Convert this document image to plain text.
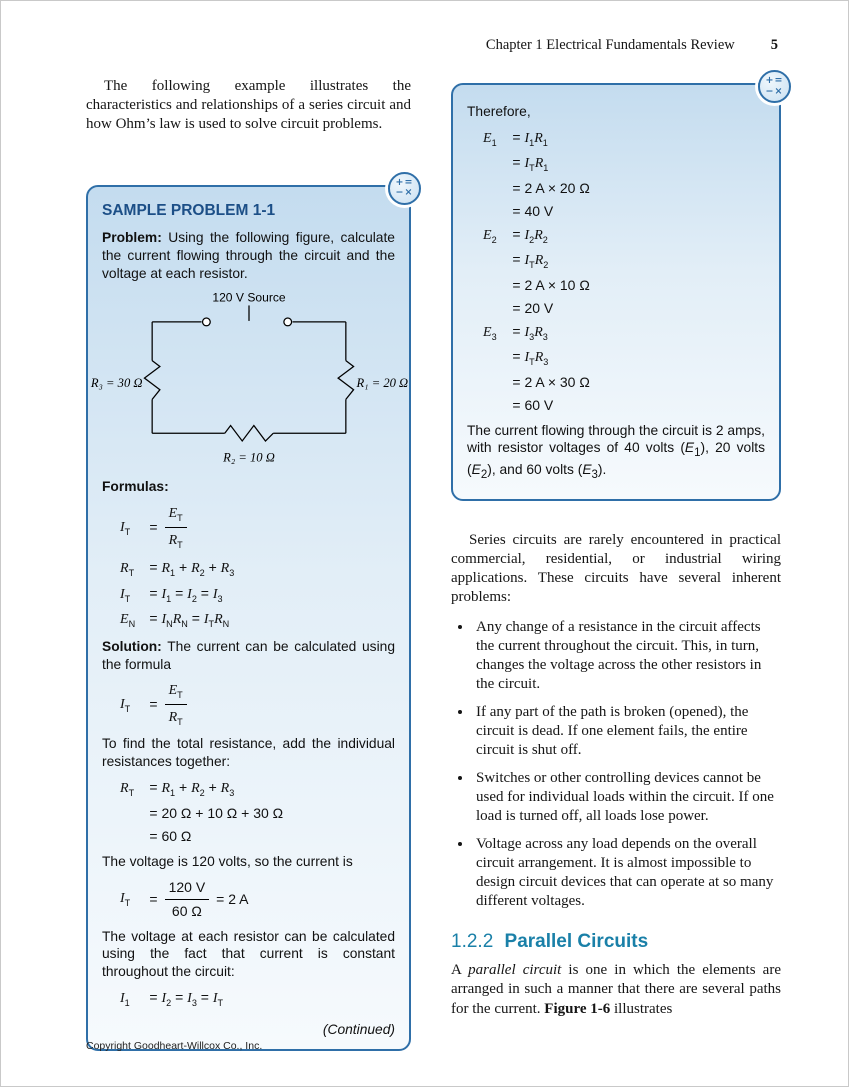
Chapter 1 Electrical Fundamentals Review 5

The following example illustrates the characteristics and relationships of a series circuit and how Ohm’s law is used to solve circuit problems.

+=
−×
SAMPLE PROBLEM 1-1

Problem: Using the following figure, calculate the current flowing through the circuit and the voltage at each resistor.

120 V Source
R₃ = 30 Ω	R₁ = 20 Ω
R₂ = 10 Ω

Formulas:

$I_T$	= $\frac{E_T}{R_T}$
$R_T$	= $R_1 + R_2 + R_3$
$I_T$	= $I_1 = I_2 = I_3$
$E_N$	= $I_NR_N = I_TR_N$

Solution: The current can be calculated using the formula

$I_T$	= $\frac{E_T}{R_T}$

To find the total resistance, add the individual resistances together:

$R_T$	= $R_1 + R_2 + R_3$
= 20 Ω + 10 Ω + 30 Ω
= 60 Ω

The voltage is 120 volts, so the current is

$I_T$	= $\frac{120 V}{60 \Omega} = 2$ A

The voltage at each resistor can be calculated using the fact that current is constant throughout the circuit:

$I_1$	= $I_2 = I_3 = I_T$

(Continued)

+=
−×

Therefore,

$E_1$	= $I_1R_1$
= $I_TR_1$
= 2 A × 20 Ω
= 40 V
$E_2$	= $I_2R_2$
= $I_TR_2$
= 2 A × 10 Ω
= 20 V
$E_3$	= $I_3R_3$
= $I_TR_3$
= 2 A × 30 Ω
= 60 V

The current flowing through the circuit is 2 amps, with resistor voltages of 40 volts $(E_1)$, 20 volts $(E_2)$, and 60 volts $(E_3)$.

Series circuits are rarely encountered in practical commercial, residential, or industrial wiring applications. These circuits have several inherent problems:

• Any change of a resistance in the circuit affects the current throughout the circuit. This, in turn, changes the voltage across the other resistors in the circuit.
• If any part of the path is broken (opened), the circuit is dead. If one element fails, the entire circuit is shut off.
• Switches or other controlling devices cannot be used for individual loads within the circuit. If one load is turned off, all loads lose power.
• Voltage across any load depends on the overall circuit arrangement. It is almost impossible to design circuit devices that can operate at so many different voltages.
1.2.2 Parallel Circuits

A parallel circuit is one in which the elements are arranged in such a manner that there are several paths for the current. Figure 1-6 illustrates

Copyright Goodheart-Willcox Co., Inc.
